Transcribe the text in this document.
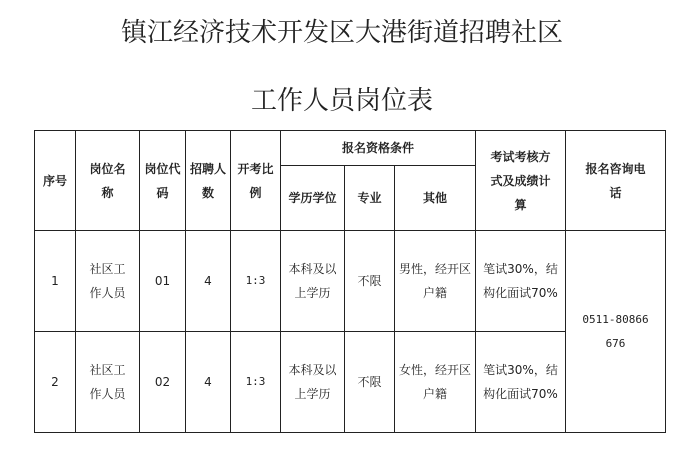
镇江经济技术开发区大港街道招聘社区
工作人员岗位表
序号	岗位名称	岗位代码	招聘人数	开考比例	报名资格条件			考试考核方式及成绩计算	报名咨询电话
					学历学位	专业	其他		
1	社区工作人员	01	4	1:3	本科及以上学历	不限	男性，经开区户籍	笔试30%，结构化面试70%	0511-80866676
2	社区工作人员	02	4	1:3	本科及以上学历	不限	女性，经开区户籍	笔试30%，结构化面试70%	
